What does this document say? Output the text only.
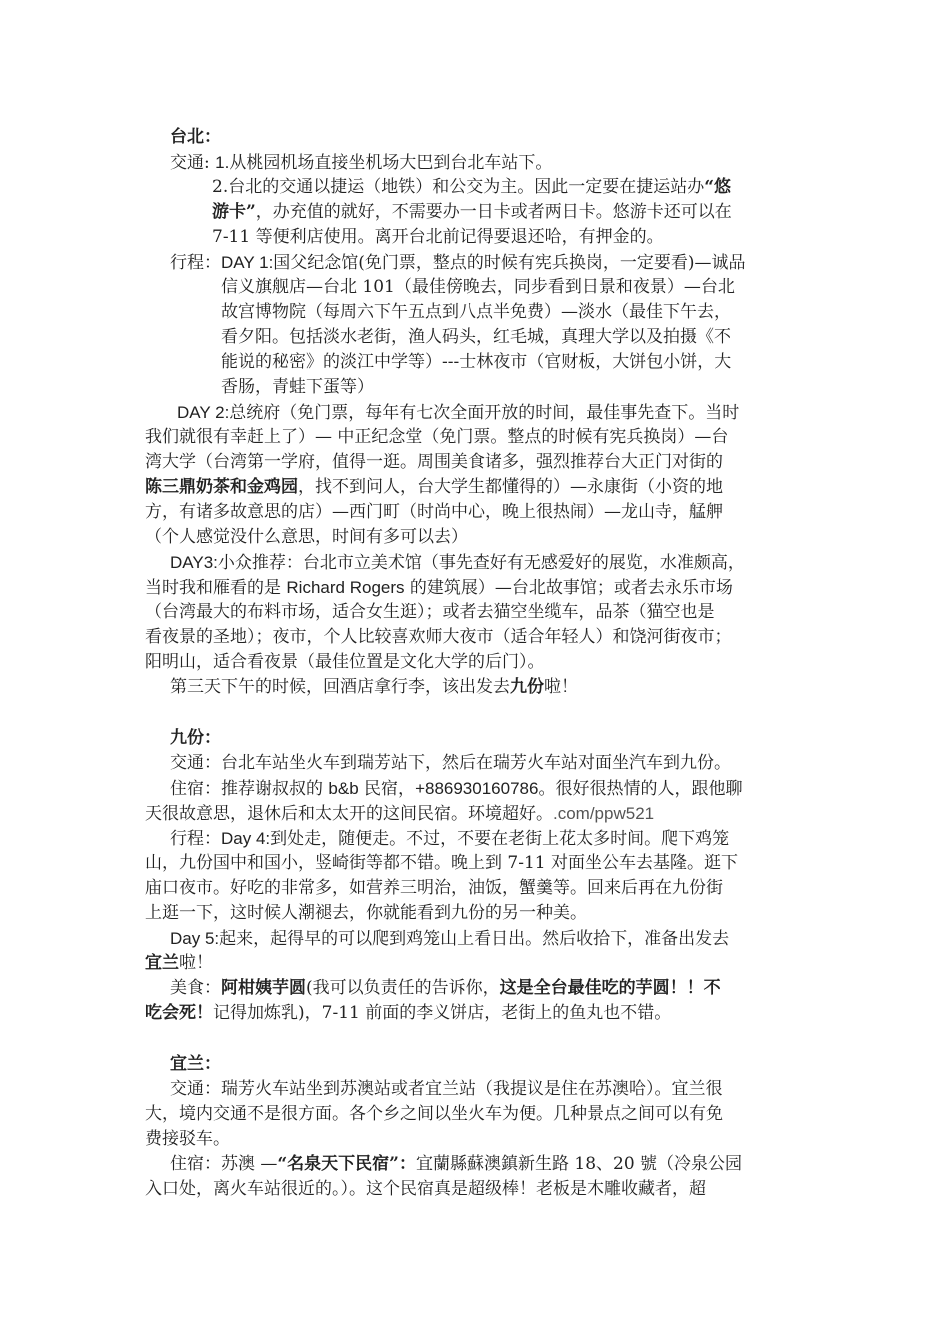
台北：
交通: 1.从桃园机场直接坐机场大巴到台北车站下。
2.台北的交通以捷运（地铁）和公交为主。因此一定要在捷运站办“悠
游卡”，办充值的就好，不需要办一日卡或者两日卡。悠游卡还可以在
7-11 等便利店使用。离开台北前记得要退还哈，有押金的。
行程：DAY 1:国父纪念馆(免门票，整点的时候有宪兵换岗，一定要看)—诚品
信义旗舰店—台北 101（最佳傍晚去，同步看到日景和夜景）—台北
故宫博物院（每周六下午五点到八点半免费）—淡水（最佳下午去，
看夕阳。包括淡水老街，渔人码头，红毛城，真理大学以及拍摄《不
能说的秘密》的淡江中学等）---士林夜市（官财板，大饼包小饼，大
香肠，青蛙下蛋等）
DAY 2:总统府（免门票，每年有七次全面开放的时间，最佳事先查下。当时
我们就很有幸赶上了）— 中正纪念堂（免门票。整点的时候有宪兵换岗）—台
湾大学（台湾第一学府，值得一逛。周围美食诸多，强烈推荐台大正门对街的
陈三鼎奶茶和金鸡园，找不到问人，台大学生都懂得的）—永康街（小资的地
方，有诸多故意思的店）—西门町（时尚中心，晚上很热闹）—龙山寺，艋舺
（个人感觉没什么意思，时间有多可以去）
DAY3:小众推荐：台北市立美术馆（事先查好有无感爱好的展览，水准颇高，
当时我和雁看的是 Richard Rogers 的建筑展）—台北故事馆；或者去永乐市场
（台湾最大的布料市场，适合女生逛）；或者去猫空坐缆车，品茶（猫空也是
看夜景的圣地）；夜市，个人比较喜欢师大夜市（适合年轻人）和饶河街夜市；
阳明山，适合看夜景（最佳位置是文化大学的后门）。
第三天下午的时候，回酒店拿行李，该出发去九份啦！
九份：
交通：台北车站坐火车到瑞芳站下，然后在瑞芳火车站对面坐汽车到九份。
住宿：推荐谢叔叔的 b&b 民宿，+886930160786。很好很热情的人，跟他聊
天很故意思，退休后和太太开的这间民宿。环境超好。.com/ppw521
行程：Day 4:到处走，随便走。不过，不要在老街上花太多时间。爬下鸡笼
山，九份国中和国小，竖崎街等都不错。晚上到 7-11 对面坐公车去基隆。逛下
庙口夜市。好吃的非常多，如营养三明治，油饭，蟹羹等。回来后再在九份街
上逛一下，这时候人潮褪去，你就能看到九份的另一种美。
Day 5:起来，起得早的可以爬到鸡笼山上看日出。然后收拾下，准备出发去
宜兰啦！
美食：阿柑姨芋圆(我可以负责任的告诉你，这是全台最佳吃的芋圆！！不
吃会死！记得加炼乳)，7-11 前面的李义饼店，老街上的鱼丸也不错。
宜兰：
交通：瑞芳火车站坐到苏澳站或者宜兰站（我提议是住在苏澳哈）。宜兰很
大，境内交通不是很方面。各个乡之间以坐火车为便。几种景点之间可以有免
费接驳车。
住宿：苏澳 —“名泉天下民宿”：宜蘭縣蘇澳鎮新生路 18、20 號（冷泉公园
入口处，离火车站很近的。）。这个民宿真是超级棒！老板是木雕收藏者，超
